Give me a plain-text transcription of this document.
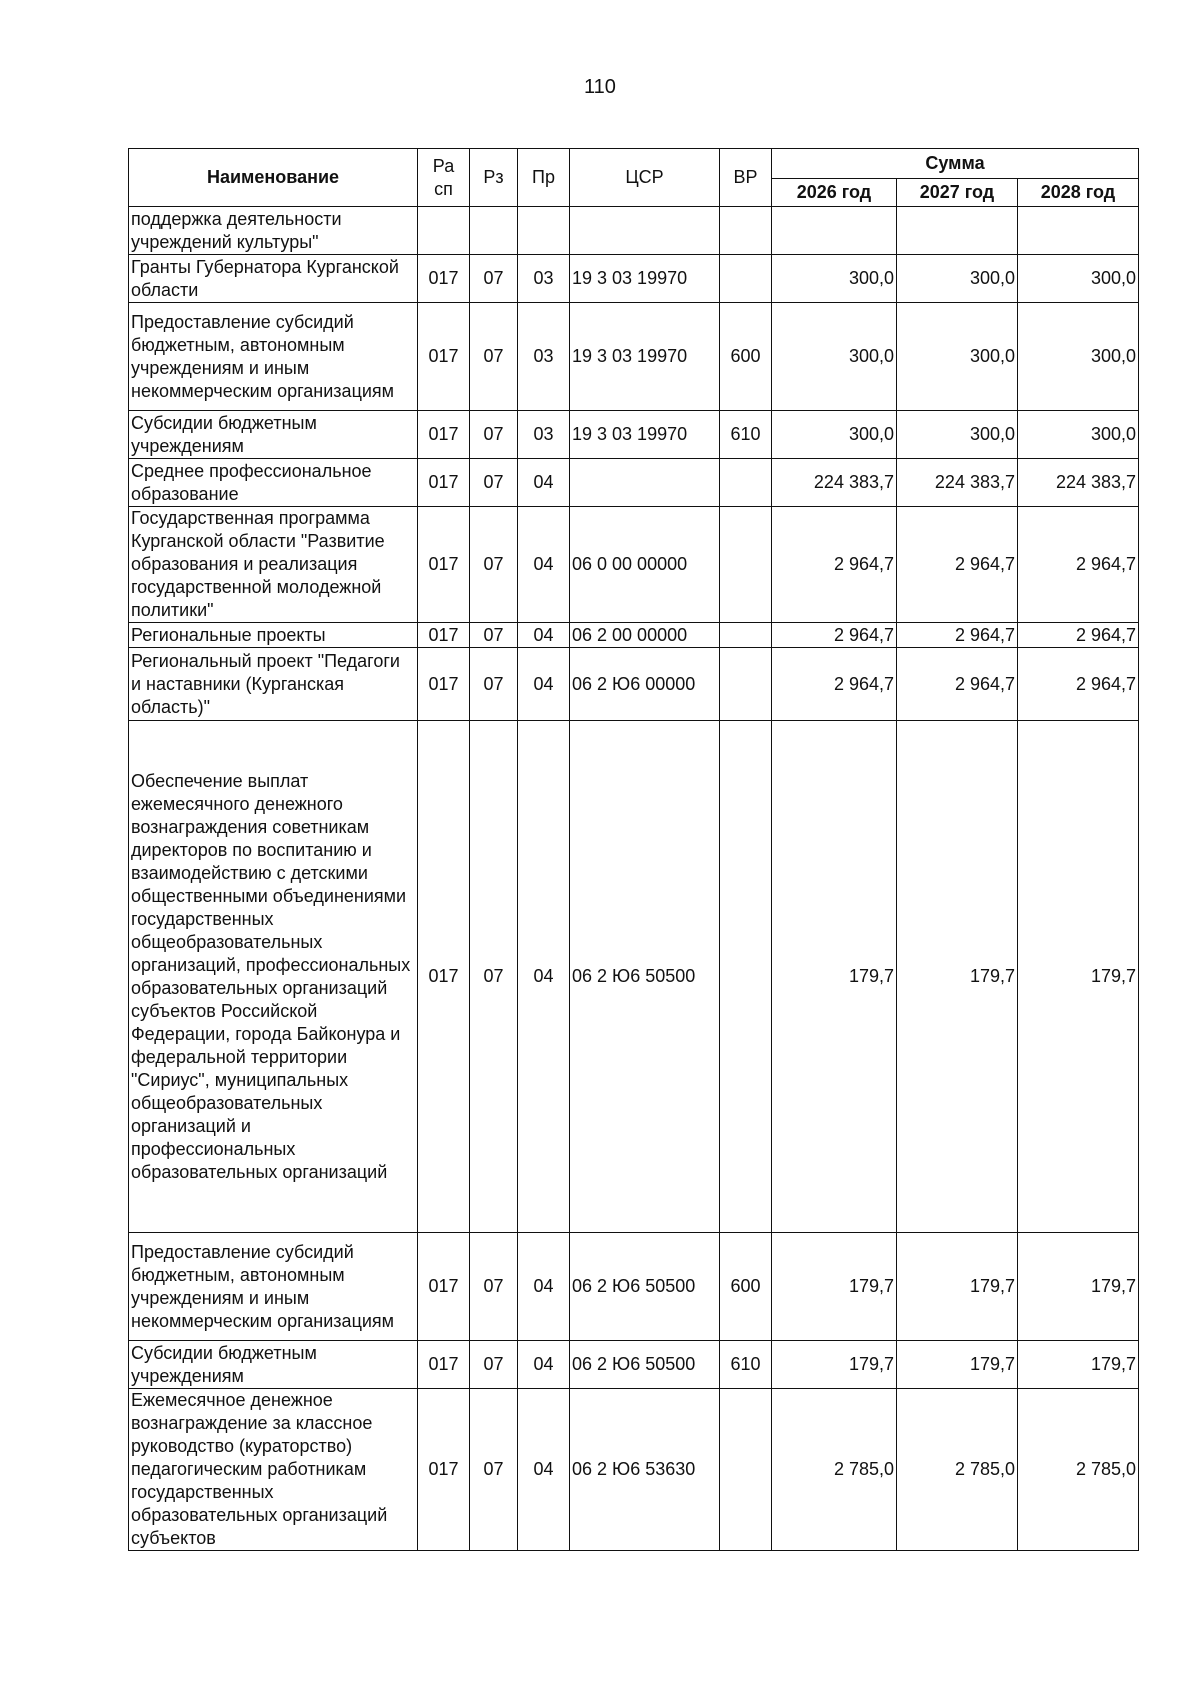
110
Наименование	Ра
сп	Рз	Пр	ЦСР	ВР	Сумма		
						2026 год	2027 год	2028 год
поддержка деятельности учреждений культуры"								
Гранты Губернатора Курганской области	017	07	03	19 3 03 19970		300,0	300,0	300,0
Предоставление субсидий бюджетным, автономным учреждениям и иным некоммерческим организациям	017	07	03	19 3 03 19970	600	300,0	300,0	300,0
Субсидии бюджетным учреждениям	017	07	03	19 3 03 19970	610	300,0	300,0	300,0
Среднее профессиональное образование	017	07	04			224 383,7	224 383,7	224 383,7
Государственная программа Курганской области "Развитие образования и реализация государственной молодежной политики"	017	07	04	06 0 00 00000		2 964,7	2 964,7	2 964,7
Региональные проекты	017	07	04	06 2 00 00000		2 964,7	2 964,7	2 964,7
Региональный проект "Педагоги и наставники (Курганская область)"	017	07	04	06 2 Ю6 00000		2 964,7	2 964,7	2 964,7
Обеспечение выплат ежемесячного денежного вознаграждения советникам директоров по воспитанию и взаимодействию с детскими общественными объединениями государственных общеобразовательных организаций, профессиональных образовательных организаций субъектов Российской Федерации, города Байконура и федеральной территории "Сириус", муниципальных общеобразовательных организаций и профессиональных образовательных организаций	017	07	04	06 2 Ю6 50500		179,7	179,7	179,7
Предоставление субсидий бюджетным, автономным учреждениям и иным некоммерческим организациям	017	07	04	06 2 Ю6 50500	600	179,7	179,7	179,7
Субсидии бюджетным учреждениям	017	07	04	06 2 Ю6 50500	610	179,7	179,7	179,7
Ежемесячное денежное вознаграждение за классное руководство (кураторство) педагогическим работникам государственных образовательных организаций субъектов	017	07	04	06 2 Ю6 53630		2 785,0	2 785,0	2 785,0
